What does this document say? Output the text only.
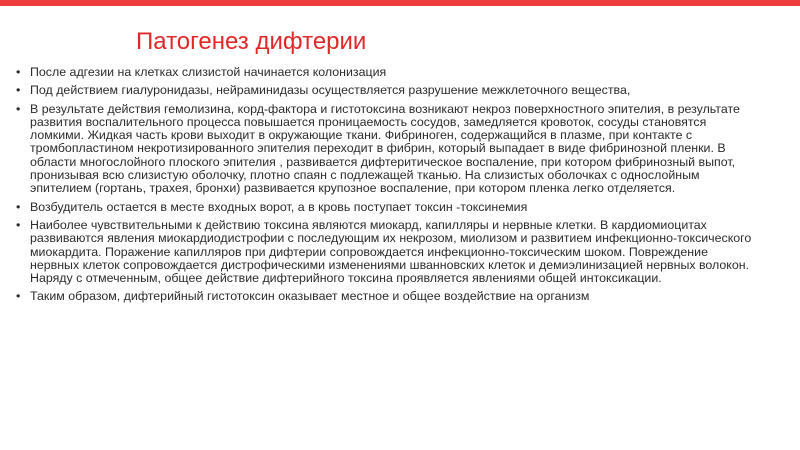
Патогенез дифтерии
• После адгезии на клетках слизистой начинается колонизация
• Под действием гиалуронидазы, нейраминидазы осуществляется разрушение межклеточного вещества,
• В результате действия гемолизина, корд-фактора и гистотоксина возникают некроз поверхностного эпителия, в результате развития воспалительного процесса повышается проницаемость сосудов, замедляется кровоток, сосуды становятся ломкими. Жидкая часть крови выходит в окружающие ткани. Фибриноген, содержащийся в плазме, при контакте с тромбопластином некротизированного эпителия переходит в фибрин, который выпадает в виде фибринозной пленки. В области многослойного плоского эпителия , развивается дифтеритическое воспаление, при котором фибринозный выпот, пронизывая всю слизистую оболочку, плотно спаян с подлежащей тканью. На слизистых оболочках с однослойным эпителием (гортань, трахея, бронхи) развивается крупозное воспаление, при котором пленка легко отделяется.
• Возбудитель остается в месте входных ворот, а в кровь поступает токсин -токсинемия
• Наиболее чувствительными к действию токсина являются миокард, капилляры и нервные клетки. В кардиомиоцитах развиваются явления миокардиодистрофии с последующим их некрозом, миолизом и развитием инфекционно-токсического миокардита. Поражение капилляров при дифтерии сопровождается инфекционно-токсическим шоком. Повреждение нервных клеток сопровождается дистрофическими изменениями шванновских клеток и демиэлинизацией нервных волокон. Наряду с отмеченным, общее действие дифтерийного токсина проявляется явлениями общей интоксикации.
• Таким образом, дифтерийный гистотоксин оказывает местное и общее воздействие на организм
